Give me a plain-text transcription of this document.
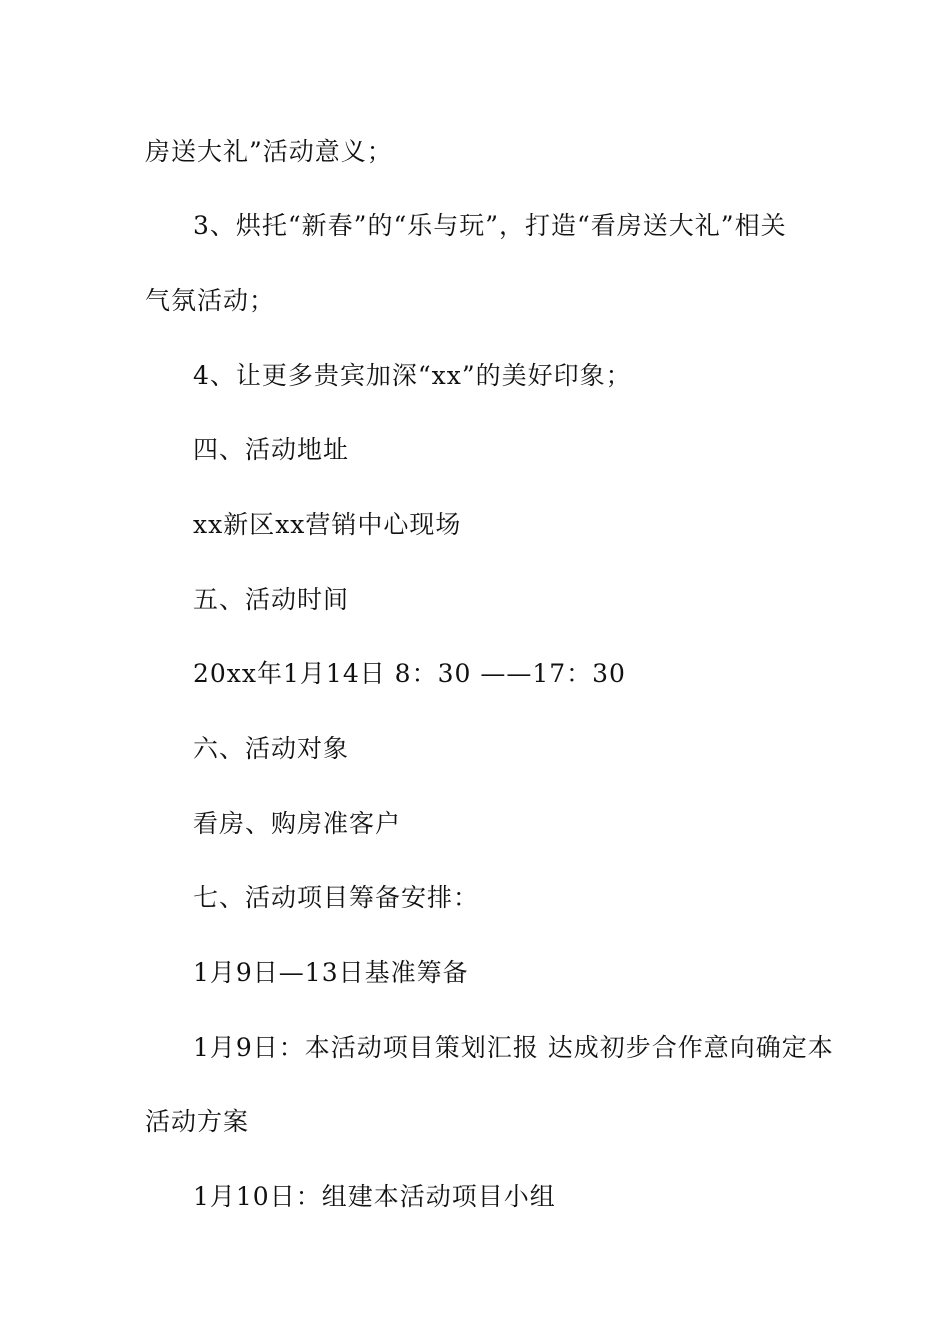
房送大礼”活动意义；
3、烘托“新春”的“乐与玩”，打造“看房送大礼”相关
气氛活动；
4、让更多贵宾加深“xx”的美好印象；
四、活动地址
xx新区xx营销中心现场
五、活动时间
20xx年1月14日 8：30 ——17：30
六、活动对象
看房、购房准客户
七、活动项目筹备安排：
1月9日—13日基准筹备
1月9日：本活动项目策划汇报 达成初步合作意向确定本
活动方案
1月10日：组建本活动项目小组
